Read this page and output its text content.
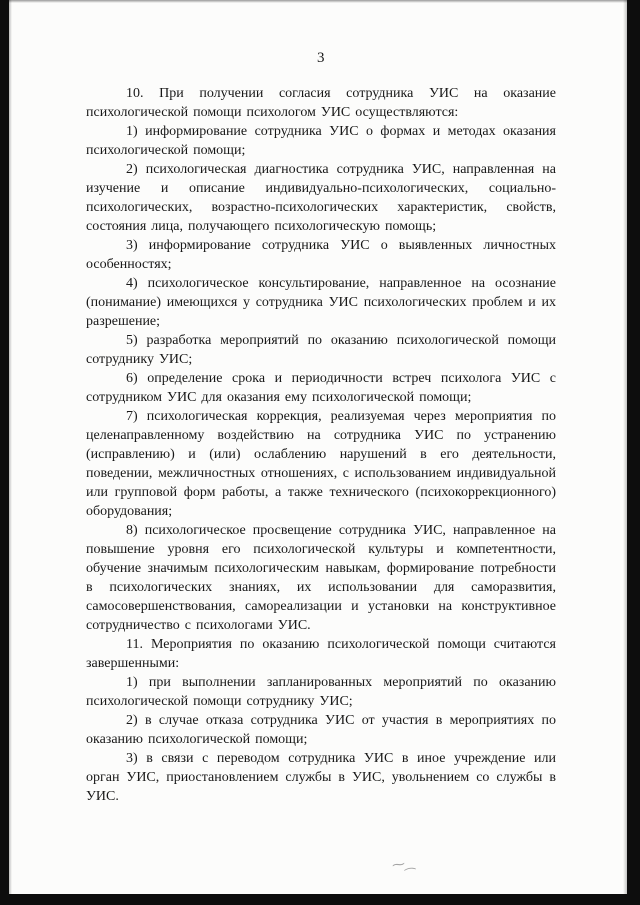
3

10. При получении согласия сотрудника УИС на оказание психологической помощи психологом УИС осуществляются:

1) информирование сотрудника УИС о формах и методах оказания психологической помощи;

2) психологическая диагностика сотрудника УИС, направленная на изучение и описание индивидуально-психологических, социально-психологических, возрастно-психологических характеристик, свойств, состояния лица, получающего психологическую помощь;

3) информирование сотрудника УИС о выявленных личностных особенностях;

4) психологическое консультирование, направленное на осознание (понимание) имеющихся у сотрудника УИС психологических проблем и их разрешение;

5) разработка мероприятий по оказанию психологической помощи сотруднику УИС;

6) определение срока и периодичности встреч психолога УИС с сотрудником УИС для оказания ему психологической помощи;

7) психологическая коррекция, реализуемая через мероприятия по целенаправленному воздействию на сотрудника УИС по устранению (исправлению) и (или) ослаблению нарушений в его деятельности, поведении, межличностных отношениях, с использованием индивидуальной или групповой форм работы, а также технического (психокоррекционного) оборудования;

8) психологическое просвещение сотрудника УИС, направленное на повышение уровня его психологической культуры и компетентности, обучение значимым психологическим навыкам, формирование потребности в психологических знаниях, их использовании для саморазвития, самосовершенствования, самореализации и установки на конструктивное сотрудничество с психологами УИС.

11. Мероприятия по оказанию психологической помощи считаются завершенными:

1) при выполнении запланированных мероприятий по оказанию психологической помощи сотруднику УИС;

2) в случае отказа сотрудника УИС от участия в мероприятиях по оказанию психологической помощи;

3) в связи с переводом сотрудника УИС в иное учреждение или орган УИС, приостановлением службы в УИС, увольнением со службы в УИС.

⁓⁔
